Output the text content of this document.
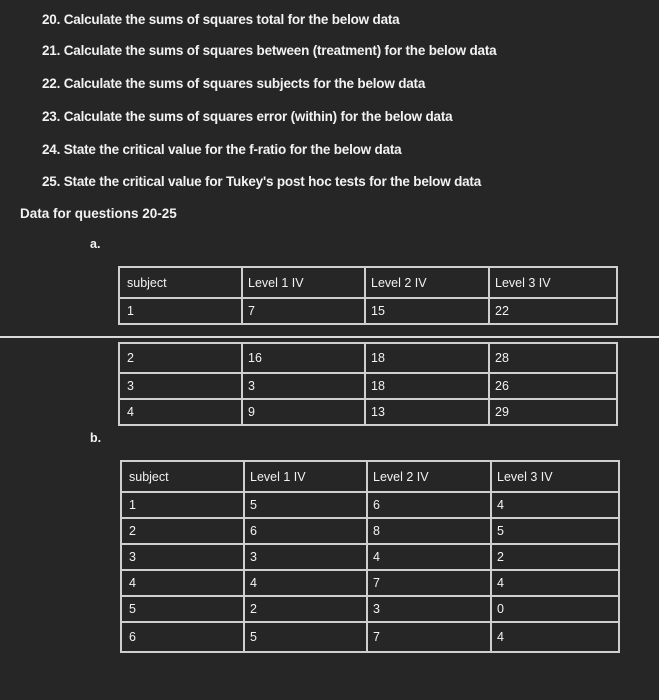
20. Calculate the sums of squares total for the below data
21. Calculate the sums of squares between (treatment) for the below data
22. Calculate the sums of squares subjects for the below data
23. Calculate the sums of squares error (within) for the below data
24. State the critical value for the f-ratio for the below data
25. State the critical value for Tukey's post hoc tests for the below data
Data for questions 20-25
a.
subject	Level 1 IV	Level 2 IV	Level 3 IV
1	7	15	22
2	16	18	28
3	3	18	26
4	9	13	29
b.
subject	Level 1 IV	Level 2 IV	Level 3 IV
1	5	6	4
2	6	8	5
3	3	4	2
4	4	7	4
5	2	3	0
6	5	7	4
